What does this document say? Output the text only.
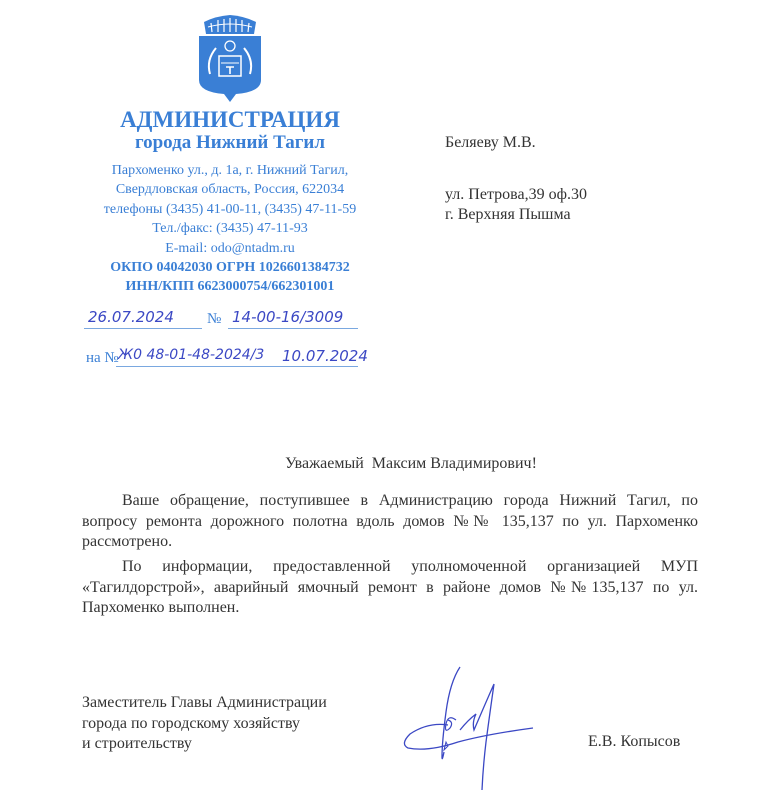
АДМИНИСТРАЦИЯ
города Нижний Тагил
Пархоменко ул., д. 1а, г. Нижний Тагил,
Свердловская область, Россия, 622034
телефоны (3435) 41-00-11, (3435) 47-11-59
Тел./факс: (3435) 47-11-93
E-mail: odo@ntadm.ru
ОКПО 04042030 ОГРН 1026601384732
ИНН/КПП 6623000754/662301001
26.07.2024 № 14-00-16/3009
на № Ж0 48-01-48-2024/3 10.07.2024
Беляеву М.В.
ул. Петрова,39 оф.30
г. Верхняя Пышма
Уважаемый  Максим Владимирович!

Ваше обращение, поступившее в Администрацию города Нижний Тагил, по вопросу ремонта дорожного полотна вдоль домов №№ 135,137 по ул. Пархоменко рассмотрено.

По информации, предоставленной уполномоченной организацией МУП «Тагилдорстрой», аварийный ямочный ремонт в районе домов №№135,137 по ул. Пархоменко выполнен.

Заместитель Главы Администрации
города по городскому хозяйству
и строительству	Е.В. Копысов
